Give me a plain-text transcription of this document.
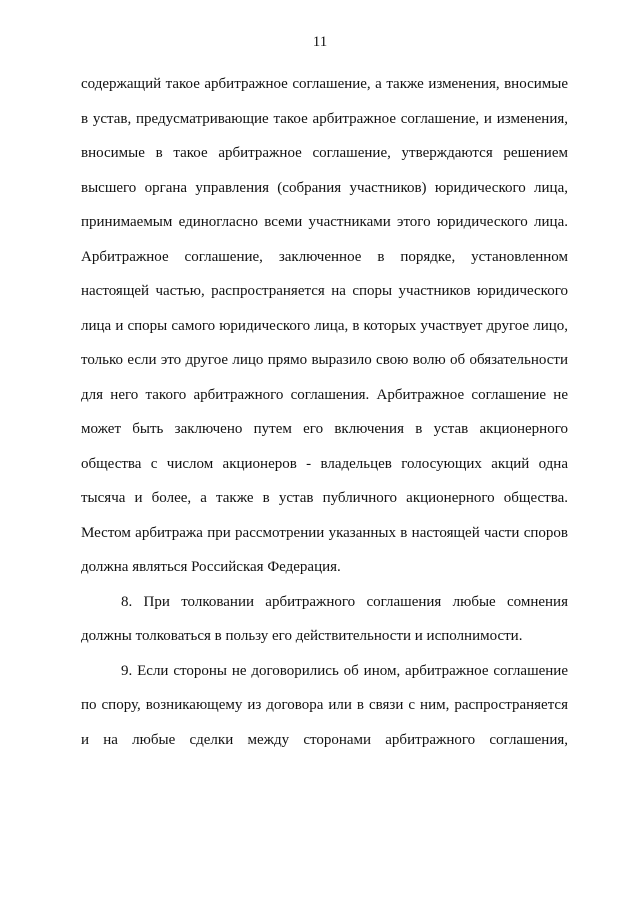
11
содержащий такое арбитражное соглашение, а также изменения, вносимые
в устав, предусматривающие такое арбитражное соглашение, и изменения,
вносимые в такое арбитражное соглашение, утверждаются решением
высшего органа управления (собрания участников) юридического лица,
принимаемым единогласно всеми участниками этого юридического лица.
Арбитражное соглашение, заключенное в порядке, установленном
настоящей частью, распространяется на споры участников юридического
лица и споры самого юридического лица, в которых участвует другое лицо,
только если это другое лицо прямо выразило свою волю об обязательности
для него такого арбитражного соглашения. Арбитражное соглашение не
может быть заключено путем его включения в устав акционерного
общества с числом акционеров - владельцев голосующих акций одна
тысяча и более, а также в устав публичного акционерного общества.
Местом арбитража при рассмотрении указанных в настоящей части споров
должна являться Российская Федерация.
8. При толковании арбитражного соглашения любые сомнения
должны толковаться в пользу его действительности и исполнимости.
9. Если стороны не договорились об ином, арбитражное соглашение
по спору, возникающему из договора или в связи с ним, распространяется
и на любые сделки между сторонами арбитражного соглашения,
